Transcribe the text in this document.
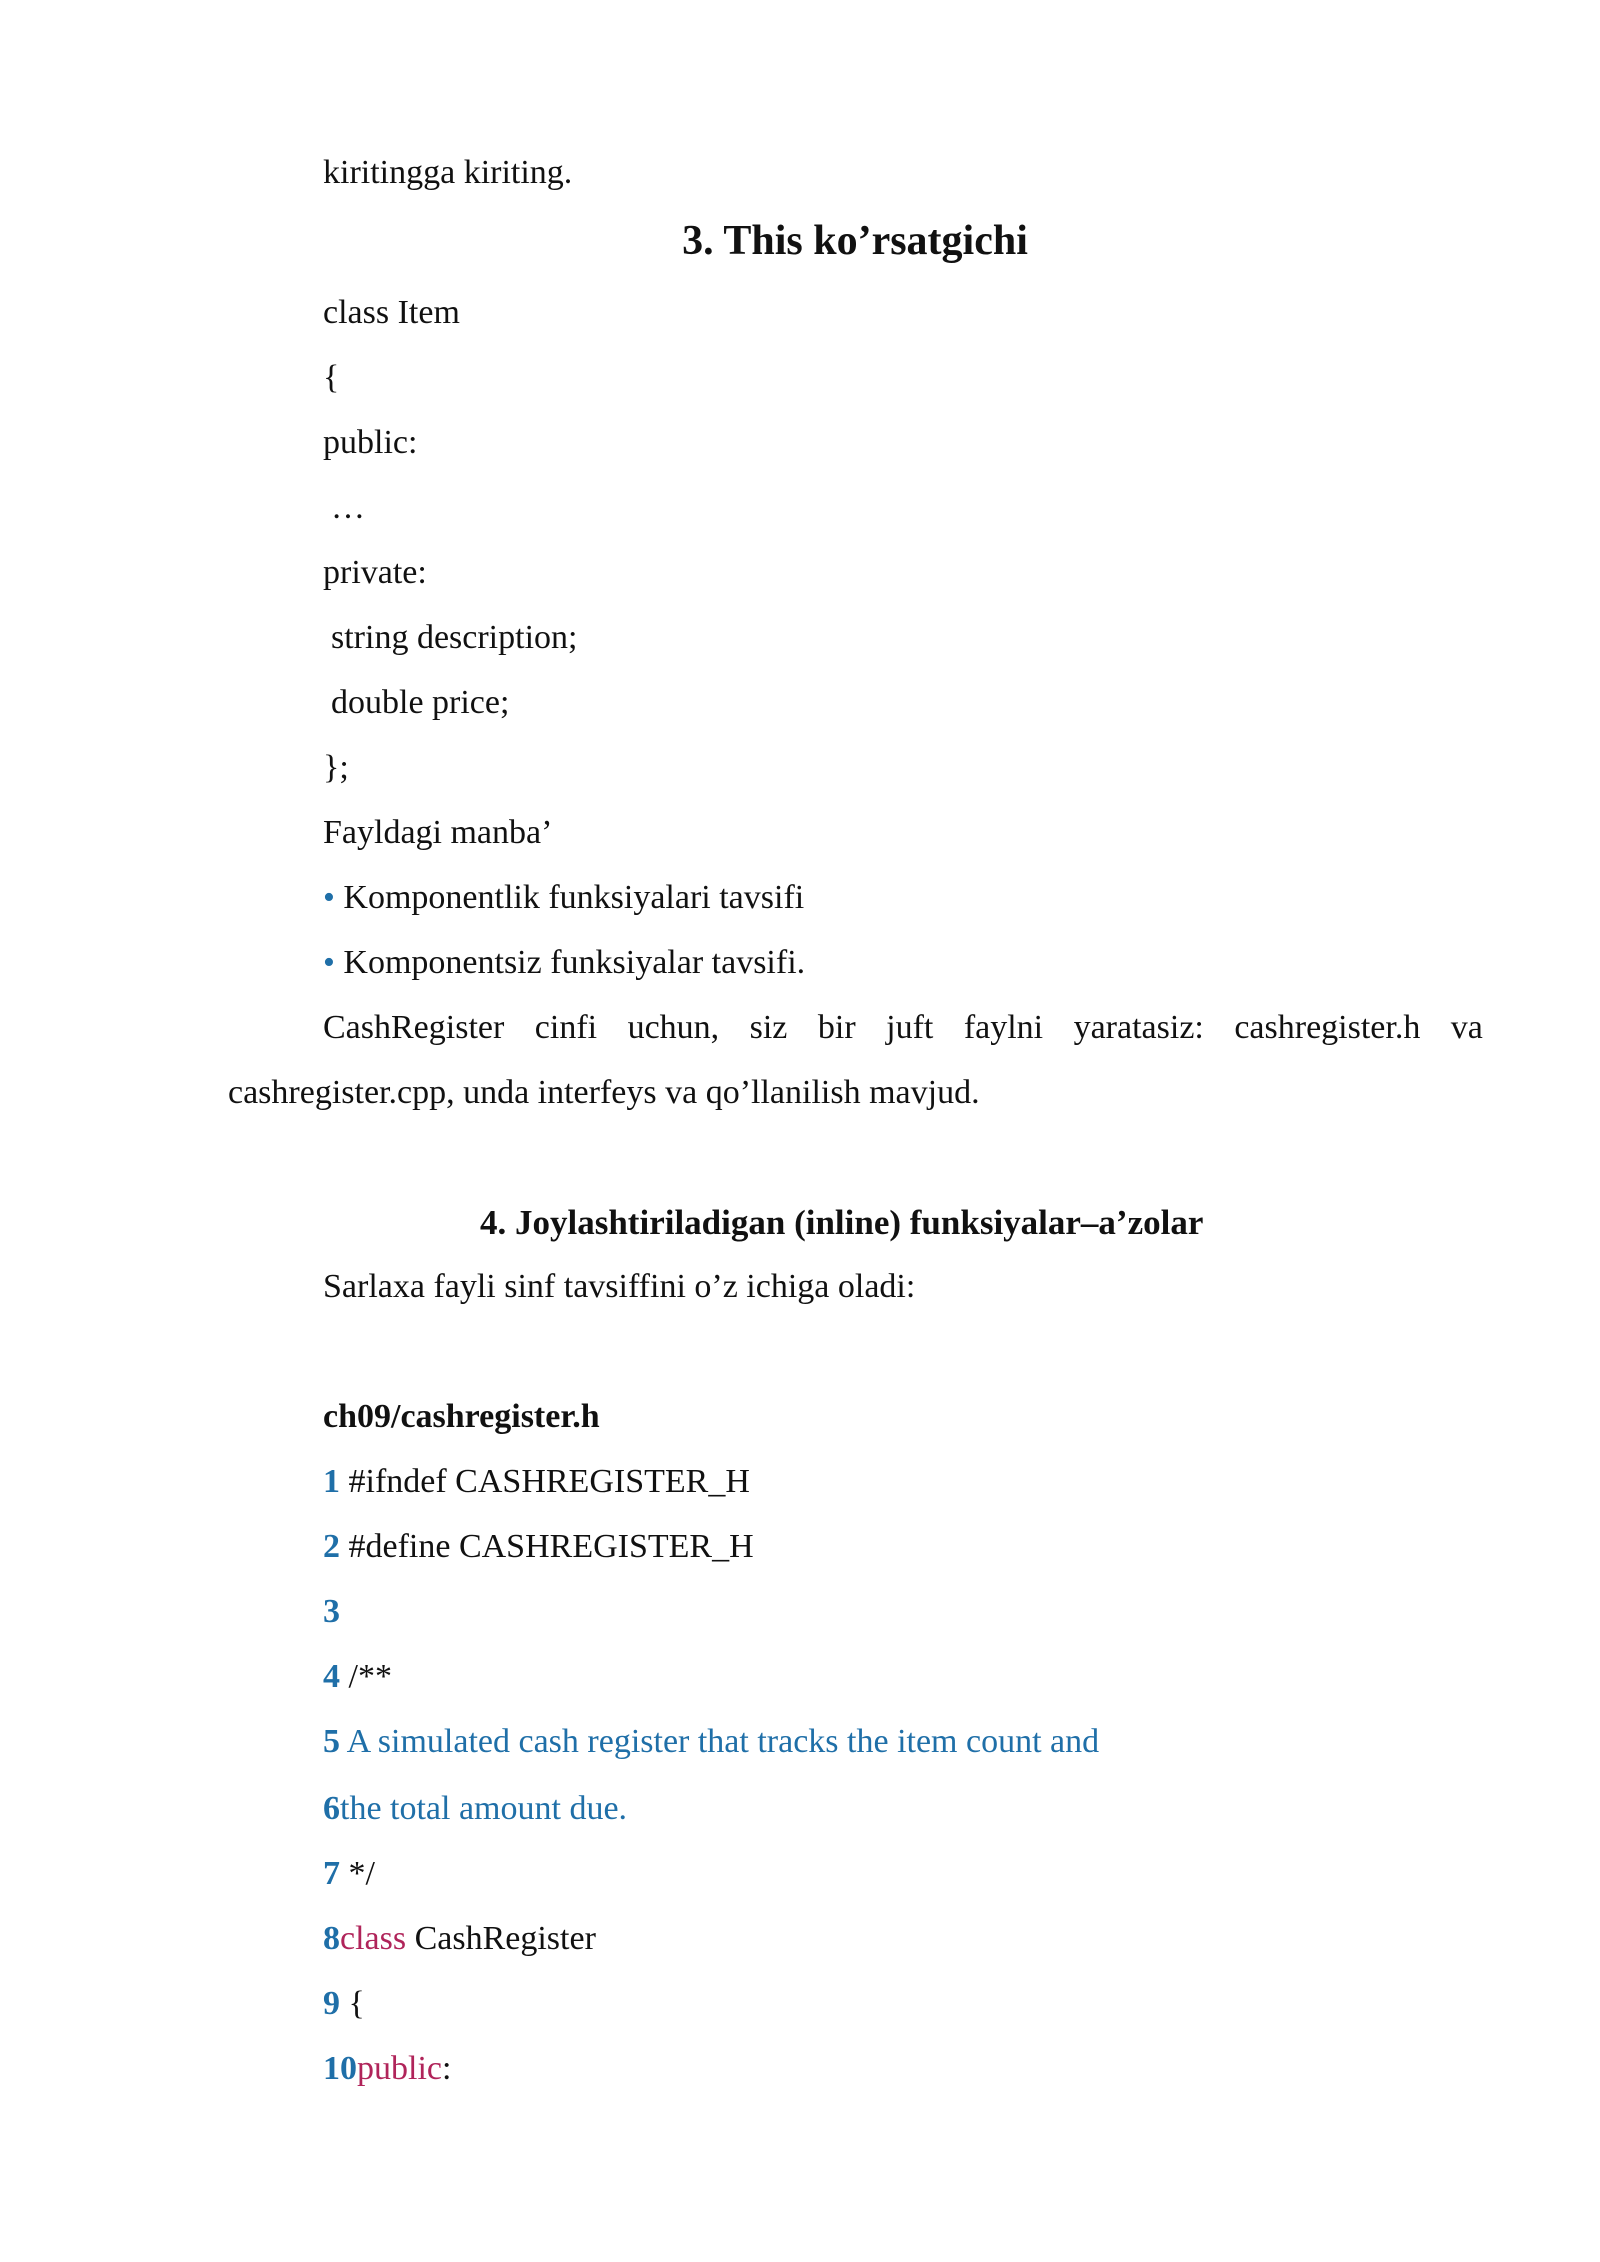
kiritingga kiriting.

3. This ko’rsatgichi

class Item

{

public:

…

private:

string description;

double price;

};

Fayldagi manba’

• Komponentlik funksiyalari tavsifi

• Komponentsiz funksiyalar tavsifi.

CashRegister cinfi uchun, siz bir juft faylni yaratasiz: cashregister.h va

cashregister.cpp, unda interfeys va qo’llanilish mavjud.

4. Joylashtiriladigan (inline) funksiyalar–a’zolar

Sarlaxa fayli sinf tavsiffini o’z ichiga oladi:

ch09/cashregister.h

1 #ifndef CASHREGISTER_H

2 #define CASHREGISTER_H

3

4 /**

5 A simulated cash register that tracks the item count and

6the total amount due.

7 */

8class CashRegister

9 {

10public:
